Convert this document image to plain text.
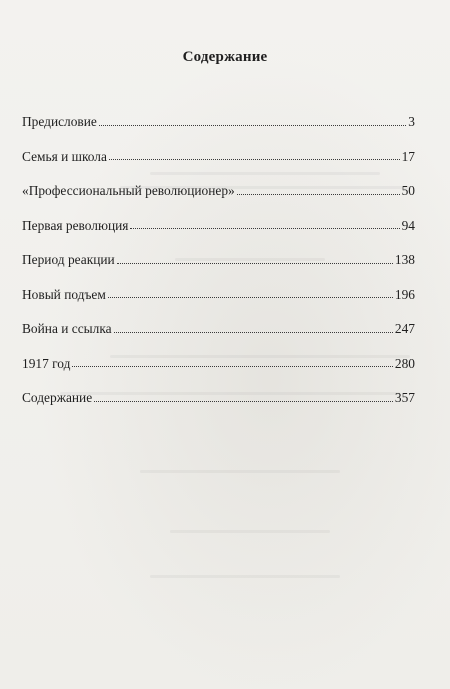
Содержание
Предисловие	3
Семья и школа	17
«Профессиональный революционер»	50
Первая революция	94
Период реакции	138
Новый подъем	196
Война и ссылка	247
1917 год	280
Содержание	357
